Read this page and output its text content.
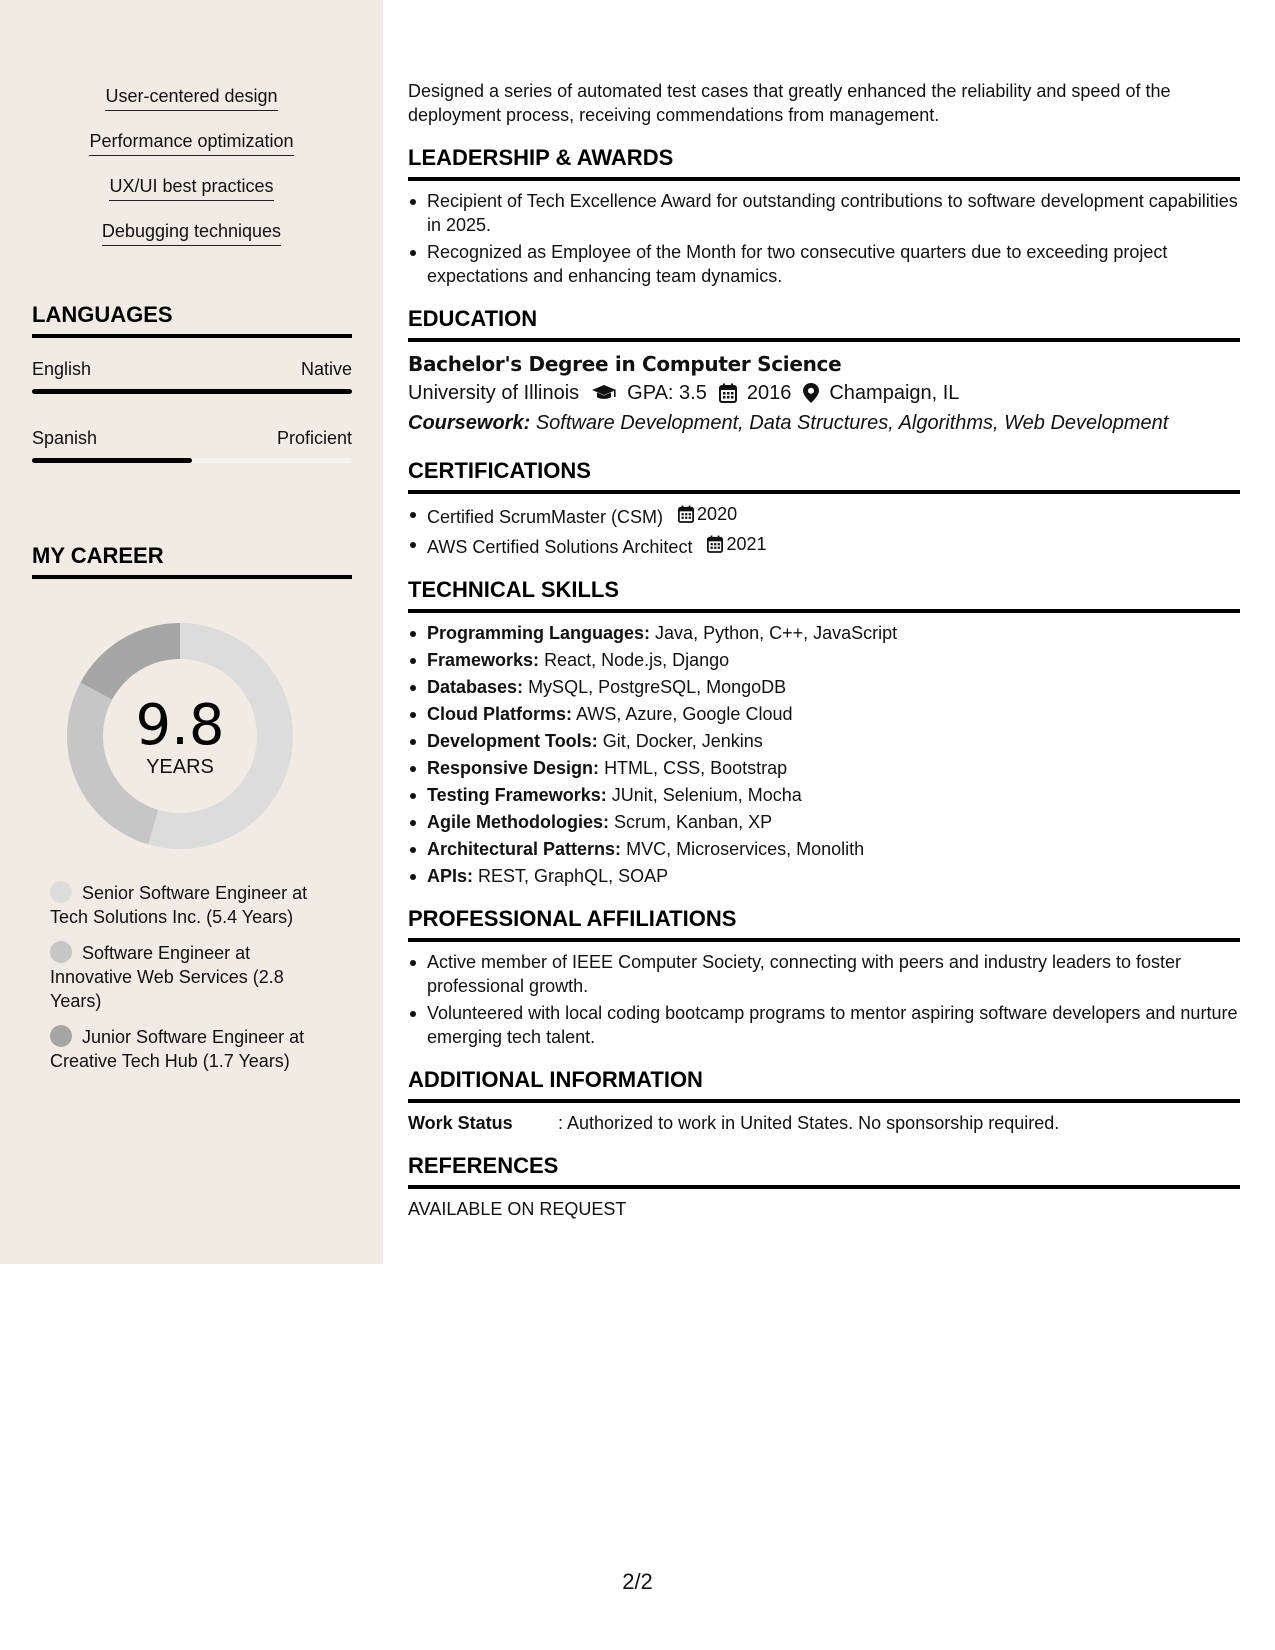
User-centered design
Performance optimization
UX/UI best practices
Debugging techniques
LANGUAGES
English	Native
Spanish	Proficient
MY CAREER
9.8
YEARS
Senior Software Engineer at Tech Solutions Inc. (5.4 Years)
Software Engineer at Innovative Web Services (2.8 Years)
Junior Software Engineer at Creative Tech Hub (1.7 Years)

Designed a series of automated test cases that greatly enhanced the reliability and speed of the deployment process, receiving commendations from management.

LEADERSHIP & AWARDS
Recipient of Tech Excellence Award for outstanding contributions to software development capabilities in 2025.
Recognized as Employee of the Month for two consecutive quarters due to exceeding project expectations and enhancing team dynamics.
EDUCATION
Bachelor's Degree in Computer Science
University of Illinois GPA: 3.5 2016 Champaign, IL
Coursework: Software Development, Data Structures, Algorithms, Web Development
CERTIFICATIONS
Certified ScrumMaster (CSM) 2020
AWS Certified Solutions Architect 2021
TECHNICAL SKILLS
Programming Languages: Java, Python, C++, JavaScript
Frameworks: React, Node.js, Django
Databases: MySQL, PostgreSQL, MongoDB
Cloud Platforms: AWS, Azure, Google Cloud
Development Tools: Git, Docker, Jenkins
Responsive Design: HTML, CSS, Bootstrap
Testing Frameworks: JUnit, Selenium, Mocha
Agile Methodologies: Scrum, Kanban, XP
Architectural Patterns: MVC, Microservices, Monolith
APIs: REST, GraphQL, SOAP
PROFESSIONAL AFFILIATIONS
Active member of IEEE Computer Society, connecting with peers and industry leaders to foster professional growth.
Volunteered with local coding bootcamp programs to mentor aspiring software developers and nurture emerging tech talent.
ADDITIONAL INFORMATION
Work Status	: Authorized to work in United States. No sponsorship required.
REFERENCES
AVAILABLE ON REQUEST
2/2
